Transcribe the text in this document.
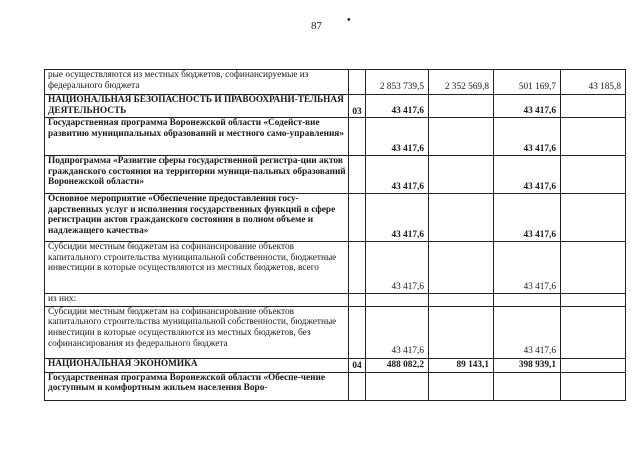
87	•
рые осуществляются из местных бюджетов, софинансируемые из федерального бюджета		2 853 739,5	2 352 569,8	501 169,7	43 185,8
НАЦИОНАЛЬНАЯ БЕЗОПАСНОСТЬ И ПРАВООХРАНИ-ТЕЛЬНАЯ ДЕЯТЕЛЬНОСТЬ	03	43 417,6		43 417,6	
Государственная программа Воронежской области «Содейст-вие развитию муниципальных образований и местного само-управления»		43 417,6		43 417,6	
Подпрограмма «Развитие сферы государственной регистра-ции актов гражданского состояния на территории муници-пальных образований Воронежской области»		43 417,6		43 417,6	
Основное мероприятие «Обеспечение предоставления госу-дарственных услуг и исполнения государственных функций в сфере регистрации актов гражданского состояния в полном объеме и надлежащего качества»		43 417,6		43 417,6	
Субсидии местным бюджетам на софинансирование объектов капитального строительства муниципальной собственности, бюджетные инвестиции в которые осуществляются из местных бюджетов, всего		43 417,6		43 417,6	
из них:					
Субсидии местным бюджетам на софинансирование объектов капитального строительства муниципальной собственности, бюджетные инвестиции в которые осуществляются из местных бюджетов, без софинансирования из федерального бюджета		43 417,6		43 417,6	
НАЦИОНАЛЬНАЯ ЭКОНОМИКА	04	488 082,2	89 143,1	398 939,1	
Государственная программа Воронежской области «Обеспе-чение доступным и комфортным жильем населения Воро-					
